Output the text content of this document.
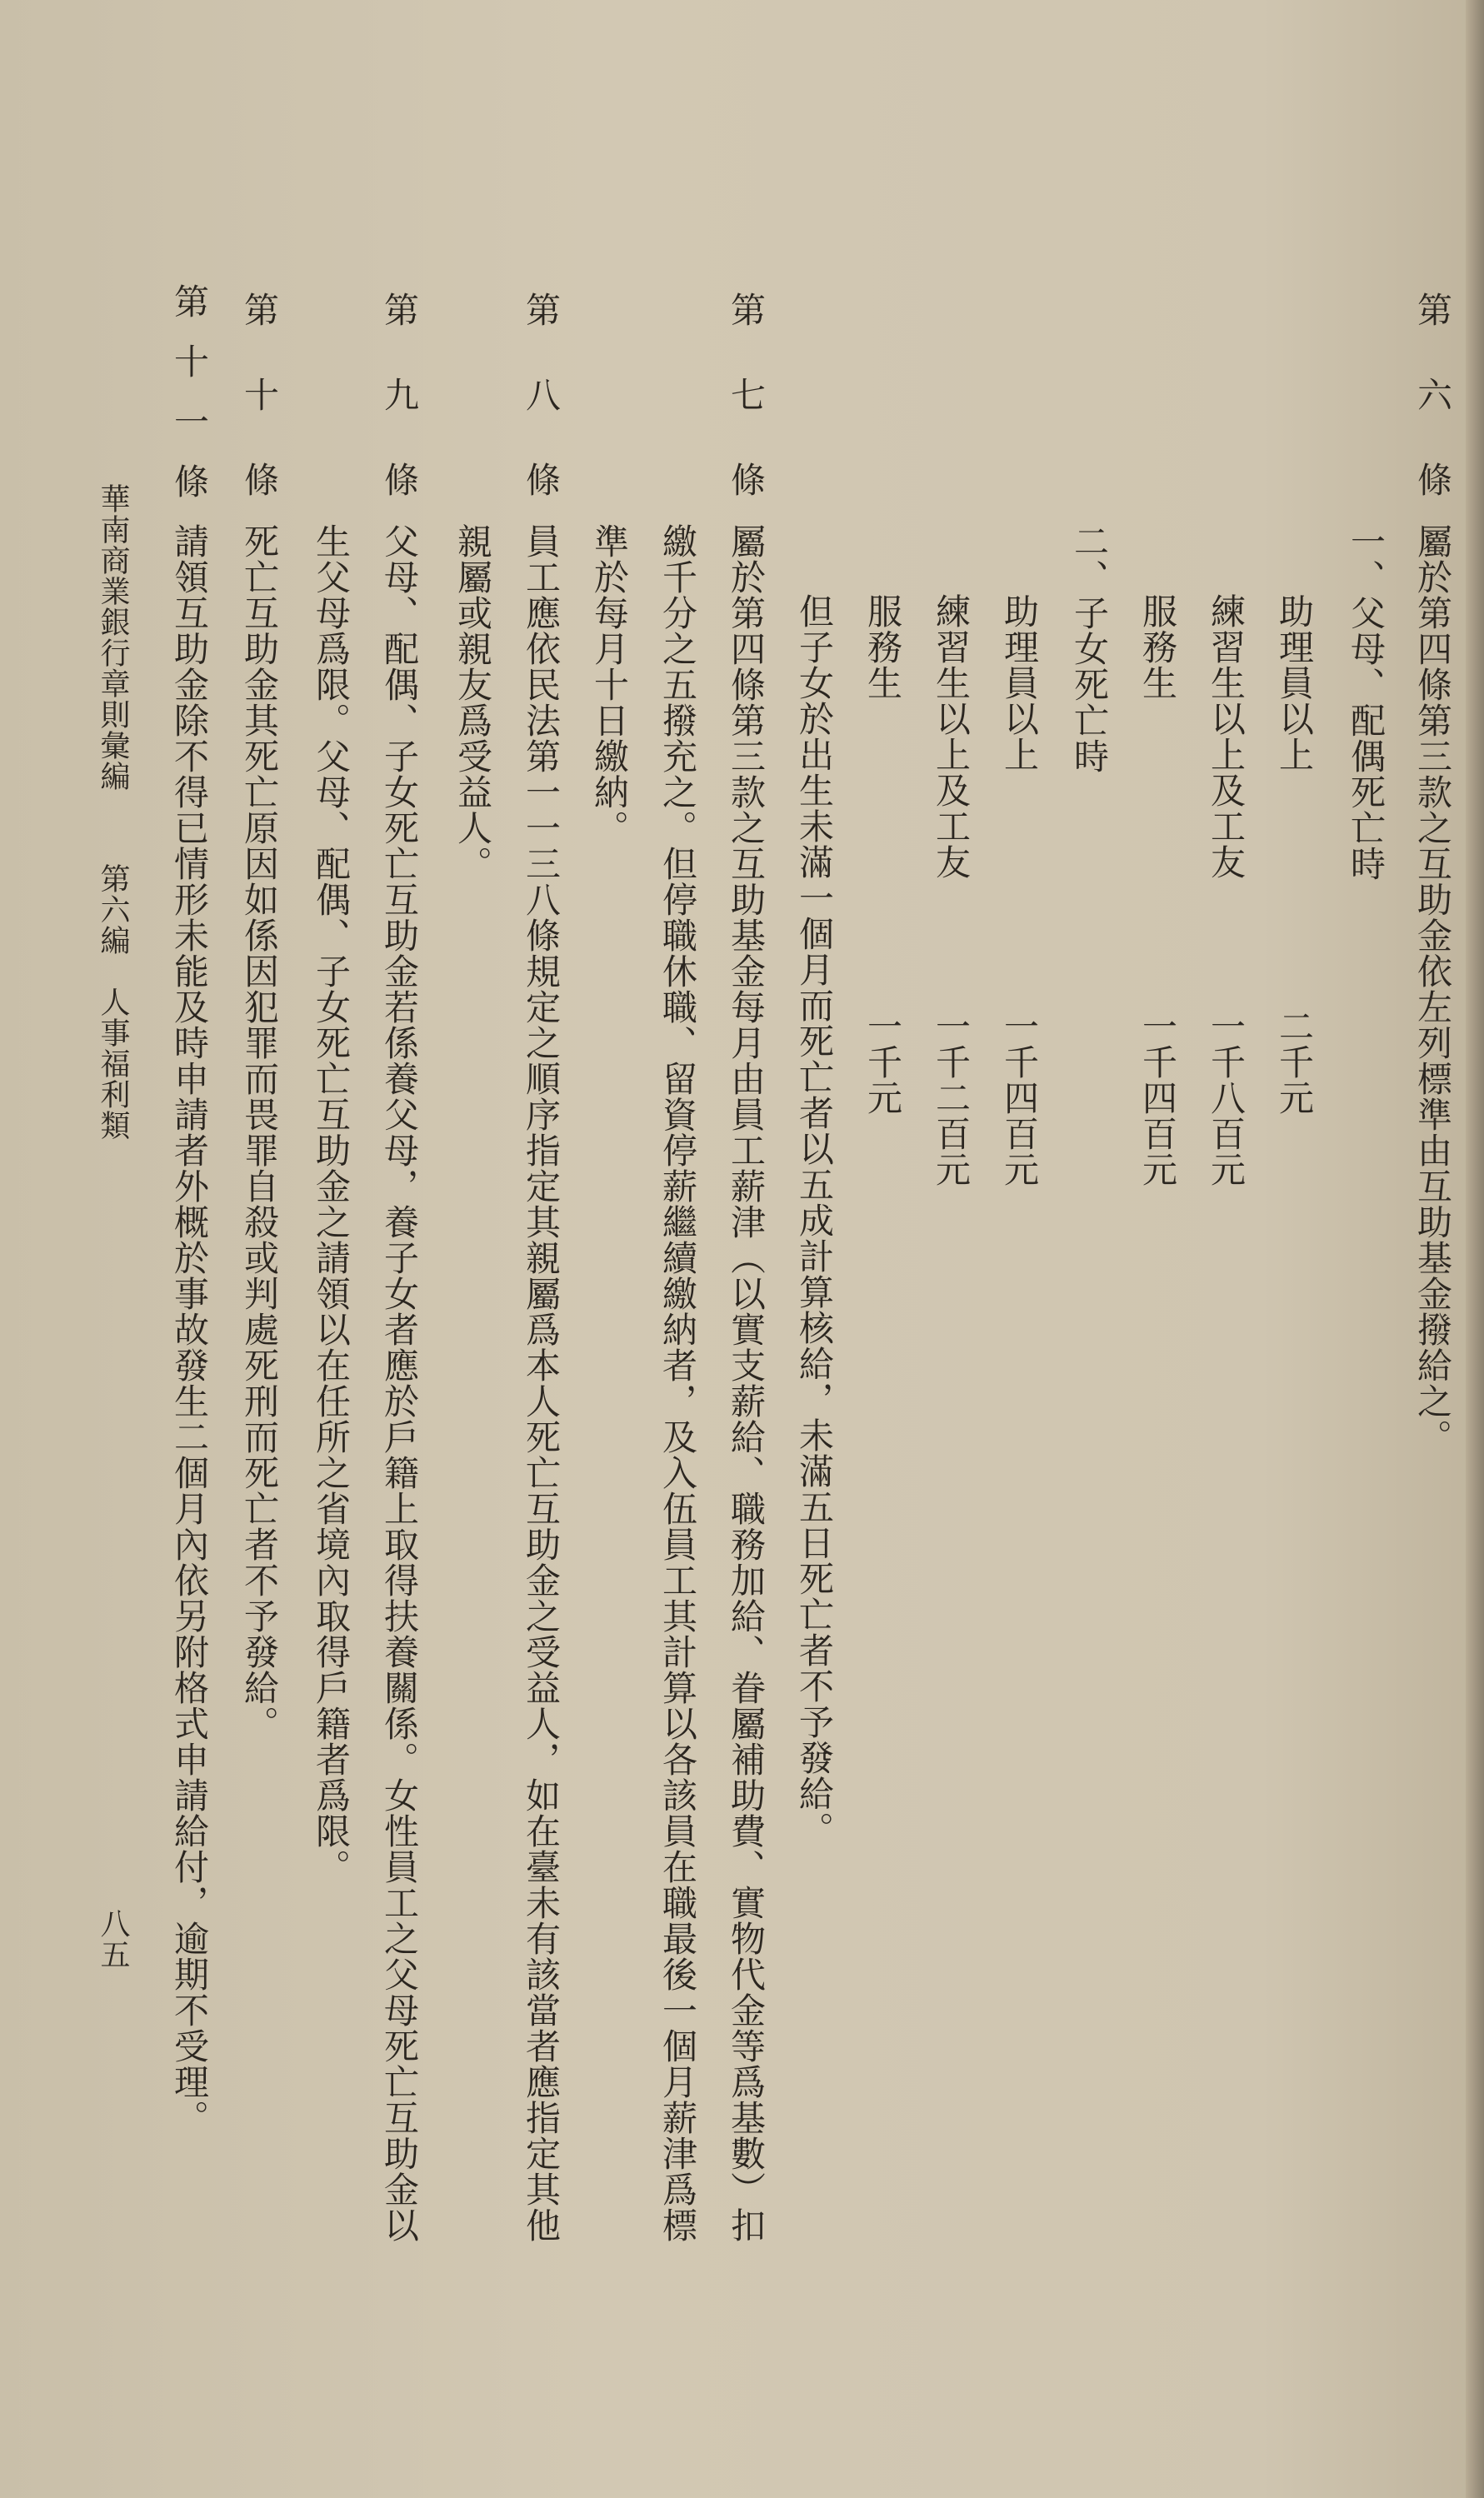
第六條
屬於第四條第三款之互助金依左列標準由互助基金撥給之。
一、父母、配偶死亡時
助理員以上
二千元
練習生以上及工友
一千八百元
服務生
一千四百元
二、子女死亡時
助理員以上
一千四百元
練習生以上及工友
一千二百元
服務生
一千元
但子女於出生未滿一個月而死亡者以五成計算核給，未滿五日死亡者不予發給。
第七條
屬於第四條第三款之互助基金每月由員工薪津（以實支薪給、職務加給、眷屬補助費、實物代金等爲基數）扣
繳千分之五撥充之。但停職休職、留資停薪繼續繳納者，及入伍員工其計算以各該員在職最後一個月薪津爲標
準於每月十日繳納。
第八條
員工應依民法第一一三八條規定之順序指定其親屬爲本人死亡互助金之受益人，如在臺未有該當者應指定其他
親屬或親友爲受益人。
第九條
父母、配偶、子女死亡互助金若係養父母，養子女者應於戶籍上取得扶養關係。女性員工之父母死亡互助金以
生父母爲限。父母、配偶、子女死亡互助金之請領以在任所之省境內取得戶籍者爲限。
第十條
死亡互助金其死亡原因如係因犯罪而畏罪自殺或判處死刑而死亡者不予發給。
第十一條
請領互助金除不得已情形未能及時申請者外概於事故發生二個月內依另附格式申請給付，逾期不受理。
華南商業銀行章則彙編
第六編　人事福利類
八五
